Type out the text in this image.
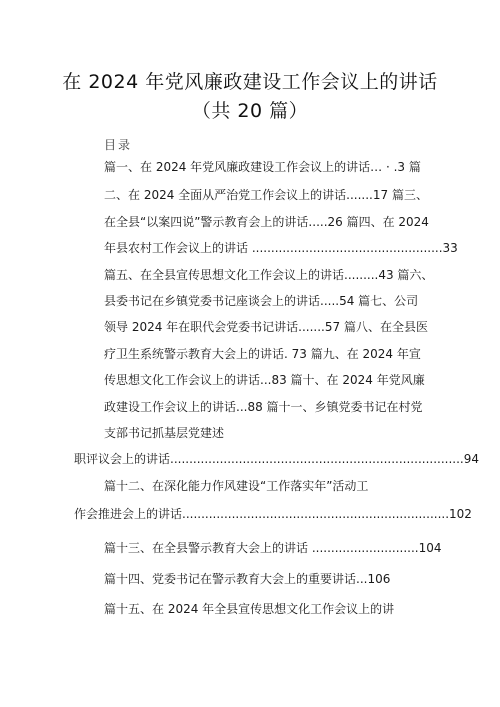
在 2024 年党风廉政建设工作会议上的讲话
（共 20 篇）
目录
篇一、在 2024 年党风廉政建设工作会议上的讲话… · .3 篇
二、在 2024 全面从严治党工作会议上的讲话.......17 篇三、
在全县“以案四说”警示教育会上的讲话.....26 篇四、在 2024
年县农村工作会议上的讲话 ..................................................33
篇五、在全县宣传思想文化工作会议上的讲话.........43 篇六、
县委书记在乡镇党委书记座谈会上的讲话.....54 篇七、公司
领导 2024 年在职代会党委书记讲话.......57 篇八、在全县医
疗卫生系统警示教育大会上的讲话. 73 篇九、在 2024 年宣
传思想文化工作会议上的讲话...83 篇十、在 2024 年党风廉
政建设工作会议上的讲话...88 篇十一、乡镇党委书记在村党
支部书记抓基层党建述
职评议会上的讲话.............................................................................94
篇十二、在深化能力作风建设“工作落实年”活动工
作会推进会上的讲话......................................................................102
篇十三、在全县警示教育大会上的讲话 ............................104
篇十四、党委书记在警示教育大会上的重要讲话...106
篇十五、在 2024 年全县宣传思想文化工作会议上的讲
